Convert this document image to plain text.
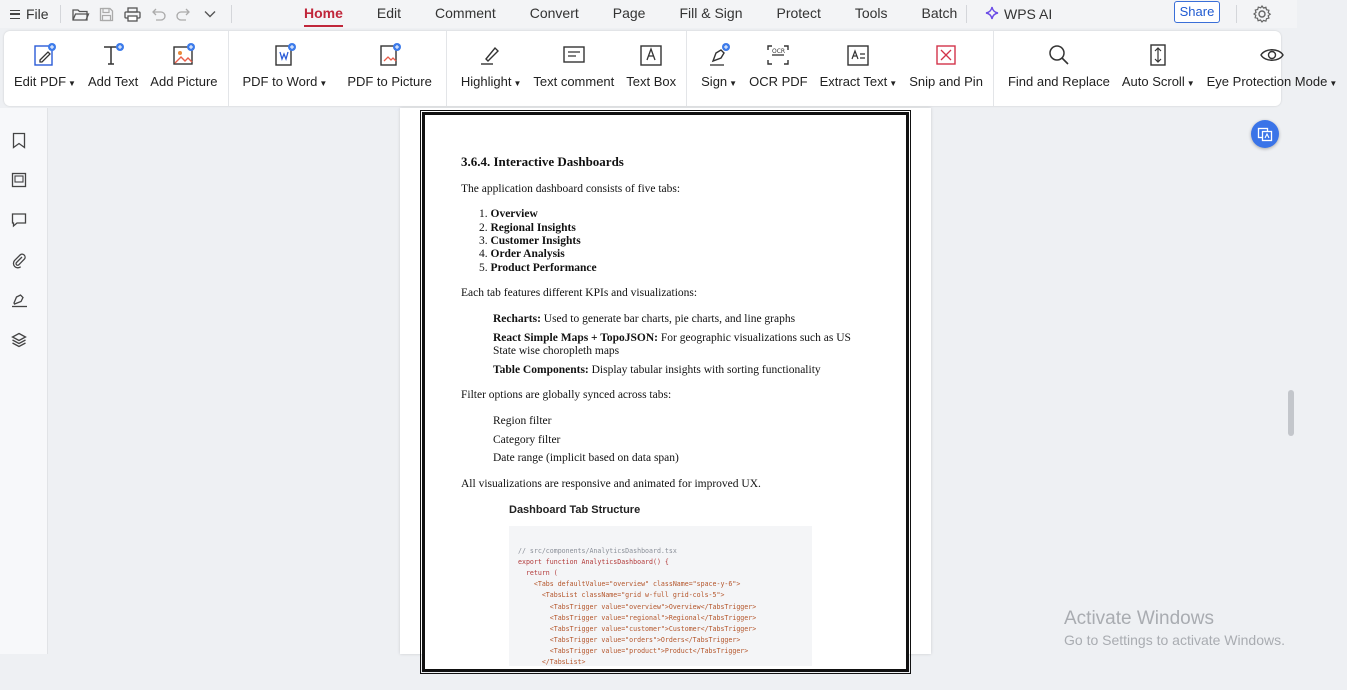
File	Home	Edit	Comment	Convert	Page	Fill & Sign	Protect	Tools	Batch	WPS AI	Share
Edit PDF ▼ Add Text Add Picture PDF to Word ▼ PDF to Picture Highlight ▼ Text comment Text Box Sign ▼
OCR
OCR PDF Extract Text ▼ Snip and Pin Find and Replace Auto Scroll ▼ Eye Protection Mode ▼
3.6.4. Interactive Dashboards
The application dashboard consists of five tabs:
1. Overview
2. Regional Insights
3. Customer Insights
4. Order Analysis
5. Product Performance
Each tab features different KPIs and visualizations:
Recharts: Used to generate bar charts, pie charts, and line graphs
React Simple Maps + TopoJSON: For geographic visualizations such as US State wise choropleth maps
Table Components: Display tabular insights with sorting functionality
Filter options are globally synced across tabs:
Region filter
Category filter
Date range (implicit based on data span)
All visualizations are responsive and animated for improved UX.
Dashboard Tab Structure

// src/components/AnalyticsDashboard.tsx
export function AnalyticsDashboard() {
return (
<Tabs defaultValue="overview" className="space-y-6">
<TabsList className="grid w-full grid-cols-5">
<TabsTrigger value="overview">Overview</TabsTrigger>
<TabsTrigger value="regional">Regional</TabsTrigger>
<TabsTrigger value="customer">Customer</TabsTrigger>
<TabsTrigger value="orders">Orders</TabsTrigger>
<TabsTrigger value="product">Product</TabsTrigger>
</TabsList>

Activate Windows
Go to Settings to activate Windows.
